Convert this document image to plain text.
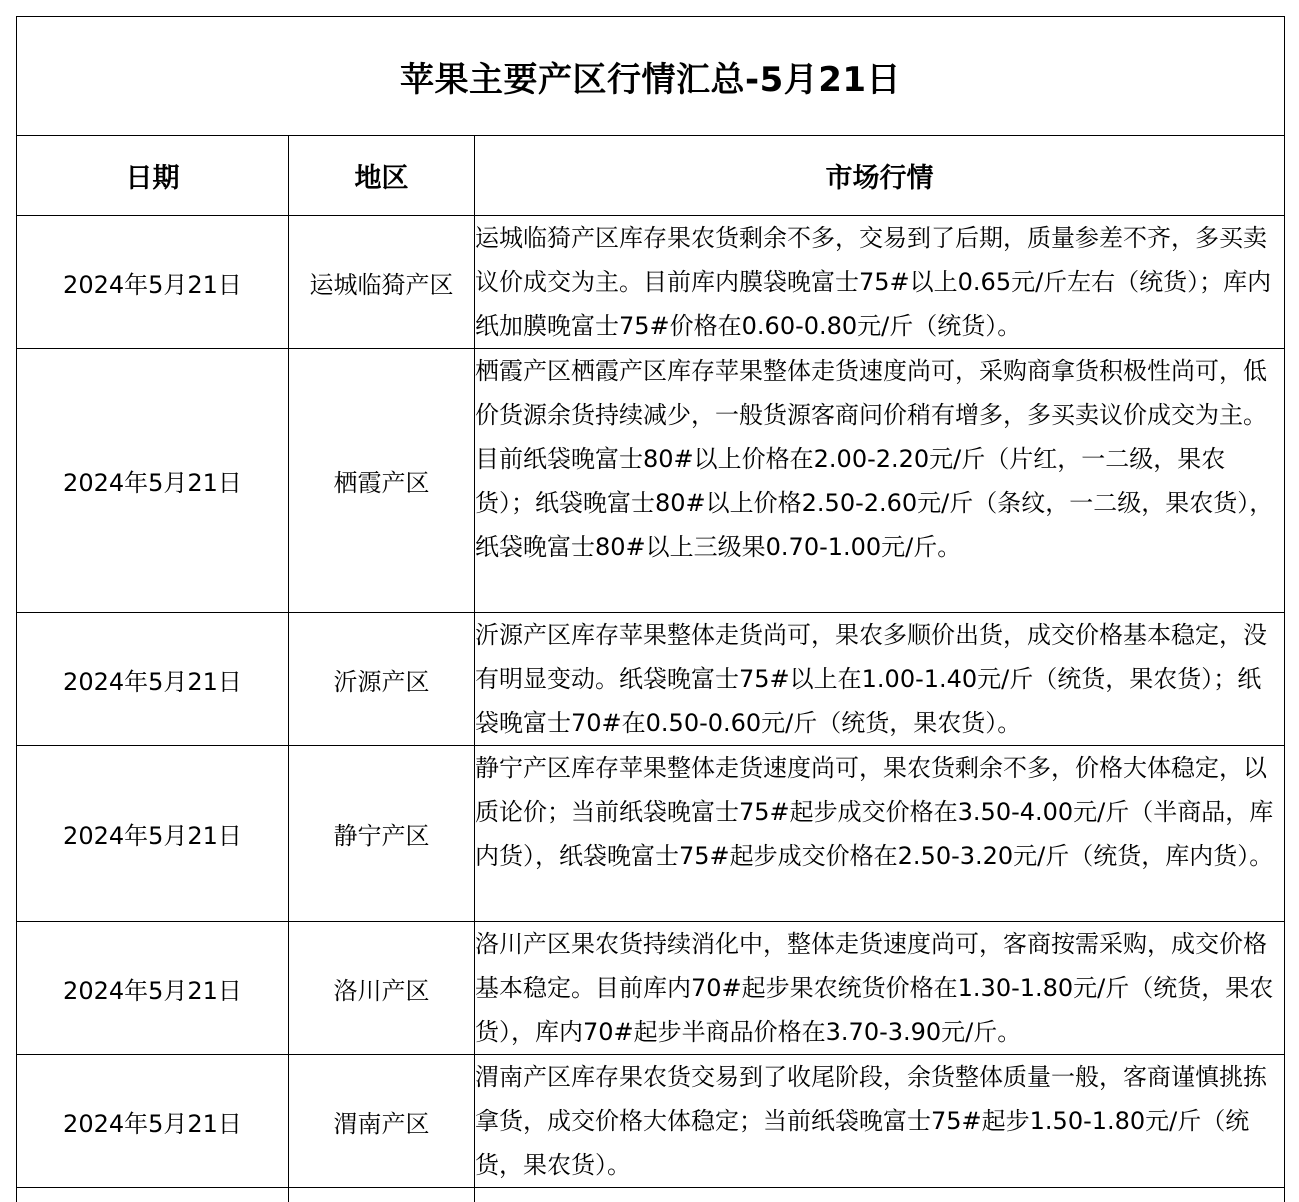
苹果主要产区行情汇总-5月21日		
日期	地区	市场行情
2024年5月21日	运城临猗产区	运城临猗产区库存果农货剩余不多，交易到了后期，质量参差不齐，多买卖议价成交为主。目前库内膜袋晚富士75#以上0.65元/斤左右（统货）；库内纸加膜晚富士75#价格在0.60-0.80元/斤（统货）。
2024年5月21日	栖霞产区	栖霞产区栖霞产区库存苹果整体走货速度尚可，采购商拿货积极性尚可，低价货源余货持续减少，一般货源客商问价稍有增多，多买卖议价成交为主。目前纸袋晚富士80#以上价格在2.00-2.20元/斤（片红，一二级，果农货）；纸袋晚富士80#以上价格2.50-2.60元/斤（条纹，一二级，果农货），纸袋晚富士80#以上三级果0.70-1.00元/斤。
2024年5月21日	沂源产区	沂源产区库存苹果整体走货尚可，果农多顺价出货，成交价格基本稳定，没有明显变动。纸袋晚富士75#以上在1.00-1.40元/斤（统货，果农货）；纸袋晚富士70#在0.50-0.60元/斤（统货，果农货）。
2024年5月21日	静宁产区	静宁产区库存苹果整体走货速度尚可，果农货剩余不多，价格大体稳定，以质论价；当前纸袋晚富士75#起步成交价格在3.50-4.00元/斤（半商品，库内货），纸袋晚富士75#起步成交价格在2.50-3.20元/斤（统货，库内货）。
2024年5月21日	洛川产区	洛川产区果农货持续消化中，整体走货速度尚可，客商按需采购，成交价格基本稳定。目前库内70#起步果农统货价格在1.30-1.80元/斤（统货，果农货），库内70#起步半商品价格在3.70-3.90元/斤。
2024年5月21日	渭南产区	渭南产区库存果农货交易到了收尾阶段，余货整体质量一般，客商谨慎挑拣拿货，成交价格大体稳定；当前纸袋晚富士75#起步1.50-1.80元/斤（统货，果农货）。
